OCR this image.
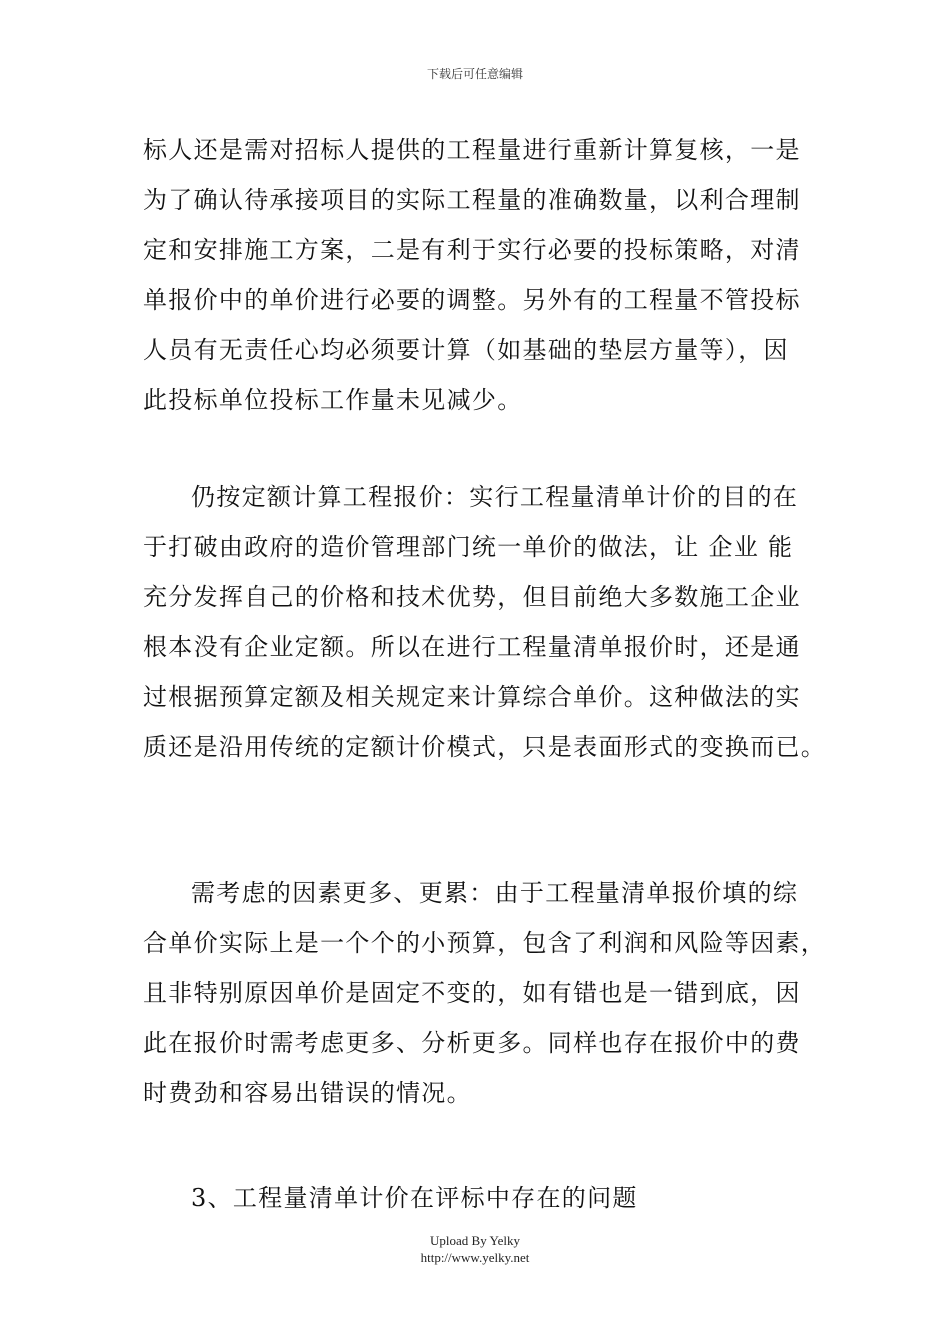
下载后可任意编辑
标人还是需对招标人提供的工程量进行重新计算复核，一是
为了确认待承接项目的实际工程量的准确数量，以利合理制
定和安排施工方案，二是有利于实行必要的投标策略，对清
单报价中的单价进行必要的调整。另外有的工程量不管投标
人员有无责任心均必须要计算（如基础的垫层方量等），因
此投标单位投标工作量未见减少。
仍按定额计算工程报价：实行工程量清单计价的目的在
于打破由政府的造价管理部门统一单价的做法，让 企业 能
充分发挥自己的价格和技术优势，但目前绝大多数施工企业
根本没有企业定额。所以在进行工程量清单报价时，还是通
过根据预算定额及相关规定来计算综合单价。这种做法的实
质还是沿用传统的定额计价模式，只是表面形式的变换而已。
需考虑的因素更多、更累：由于工程量清单报价填的综
合单价实际上是一个个的小预算，包含了利润和风险等因素，
且非特别原因单价是固定不变的，如有错也是一错到底，因
此在报价时需考虑更多、分析更多。同样也存在报价中的费
时费劲和容易出错误的情况。
3、工程量清单计价在评标中存在的问题
Upload By Yelky
http://www.yelky.net
